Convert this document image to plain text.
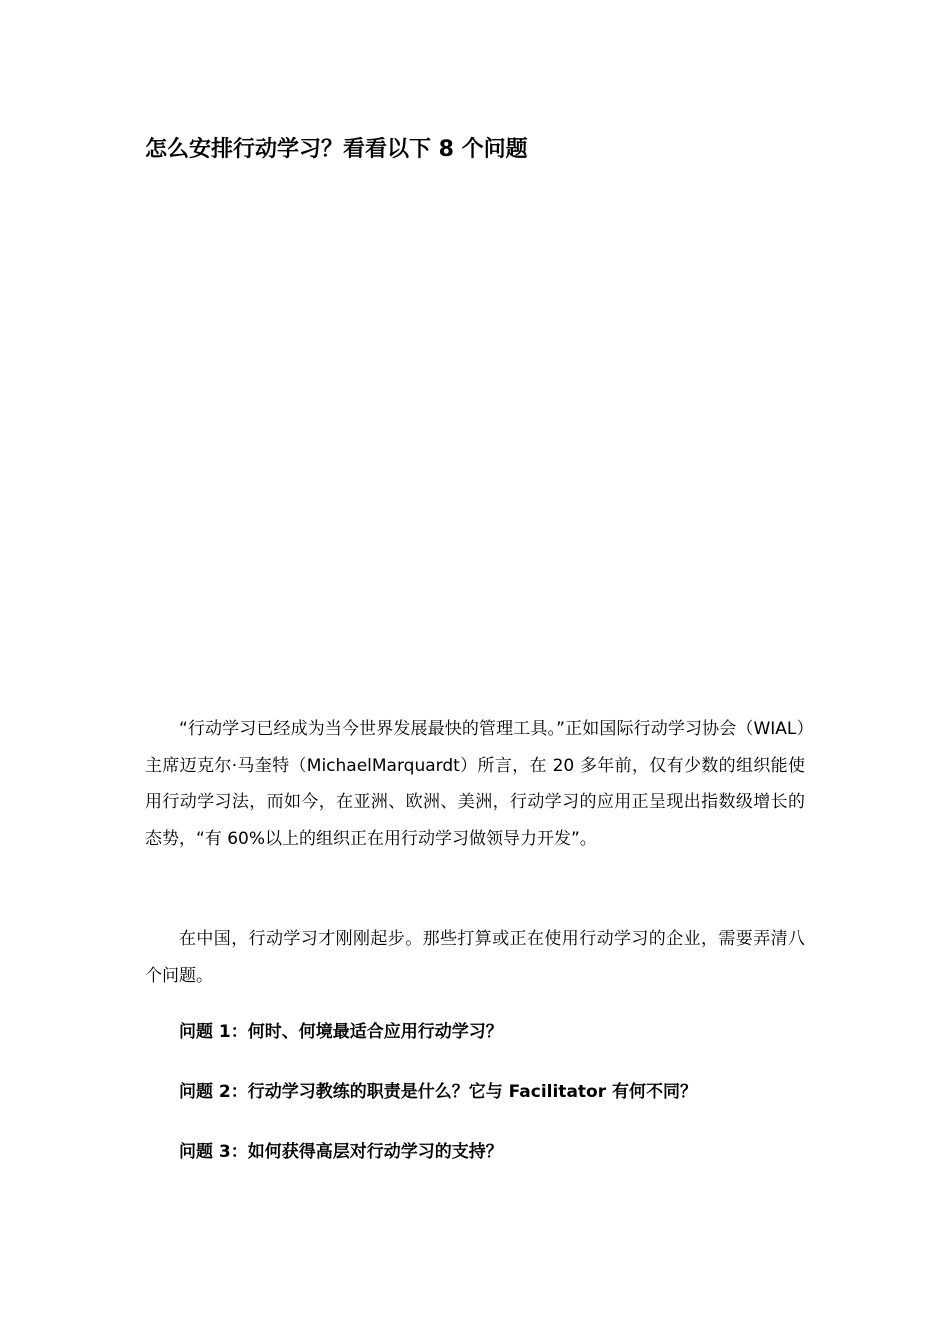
怎么安排行动学习？看看以下 8 个问题

“行动学习已经成为当今世界发展最快的管理工具。”正如国际行动学习协会（WIAL）主席迈克尔·马奎特（MichaelMarquardt）所言，在 20 多年前，仅有少数的组织能使用行动学习法，而如今，在亚洲、欧洲、美洲，行动学习的应用正呈现出指数级增长的态势，“有 60%以上的组织正在用行动学习做领导力开发”。

在中国，行动学习才刚刚起步。那些打算或正在使用行动学习的企业，需要弄清八个问题。

问题 1：何时、何境最适合应用行动学习？

问题 2：行动学习教练的职责是什么？它与 Facilitator 有何不同？

问题 3：如何获得高层对行动学习的支持？
